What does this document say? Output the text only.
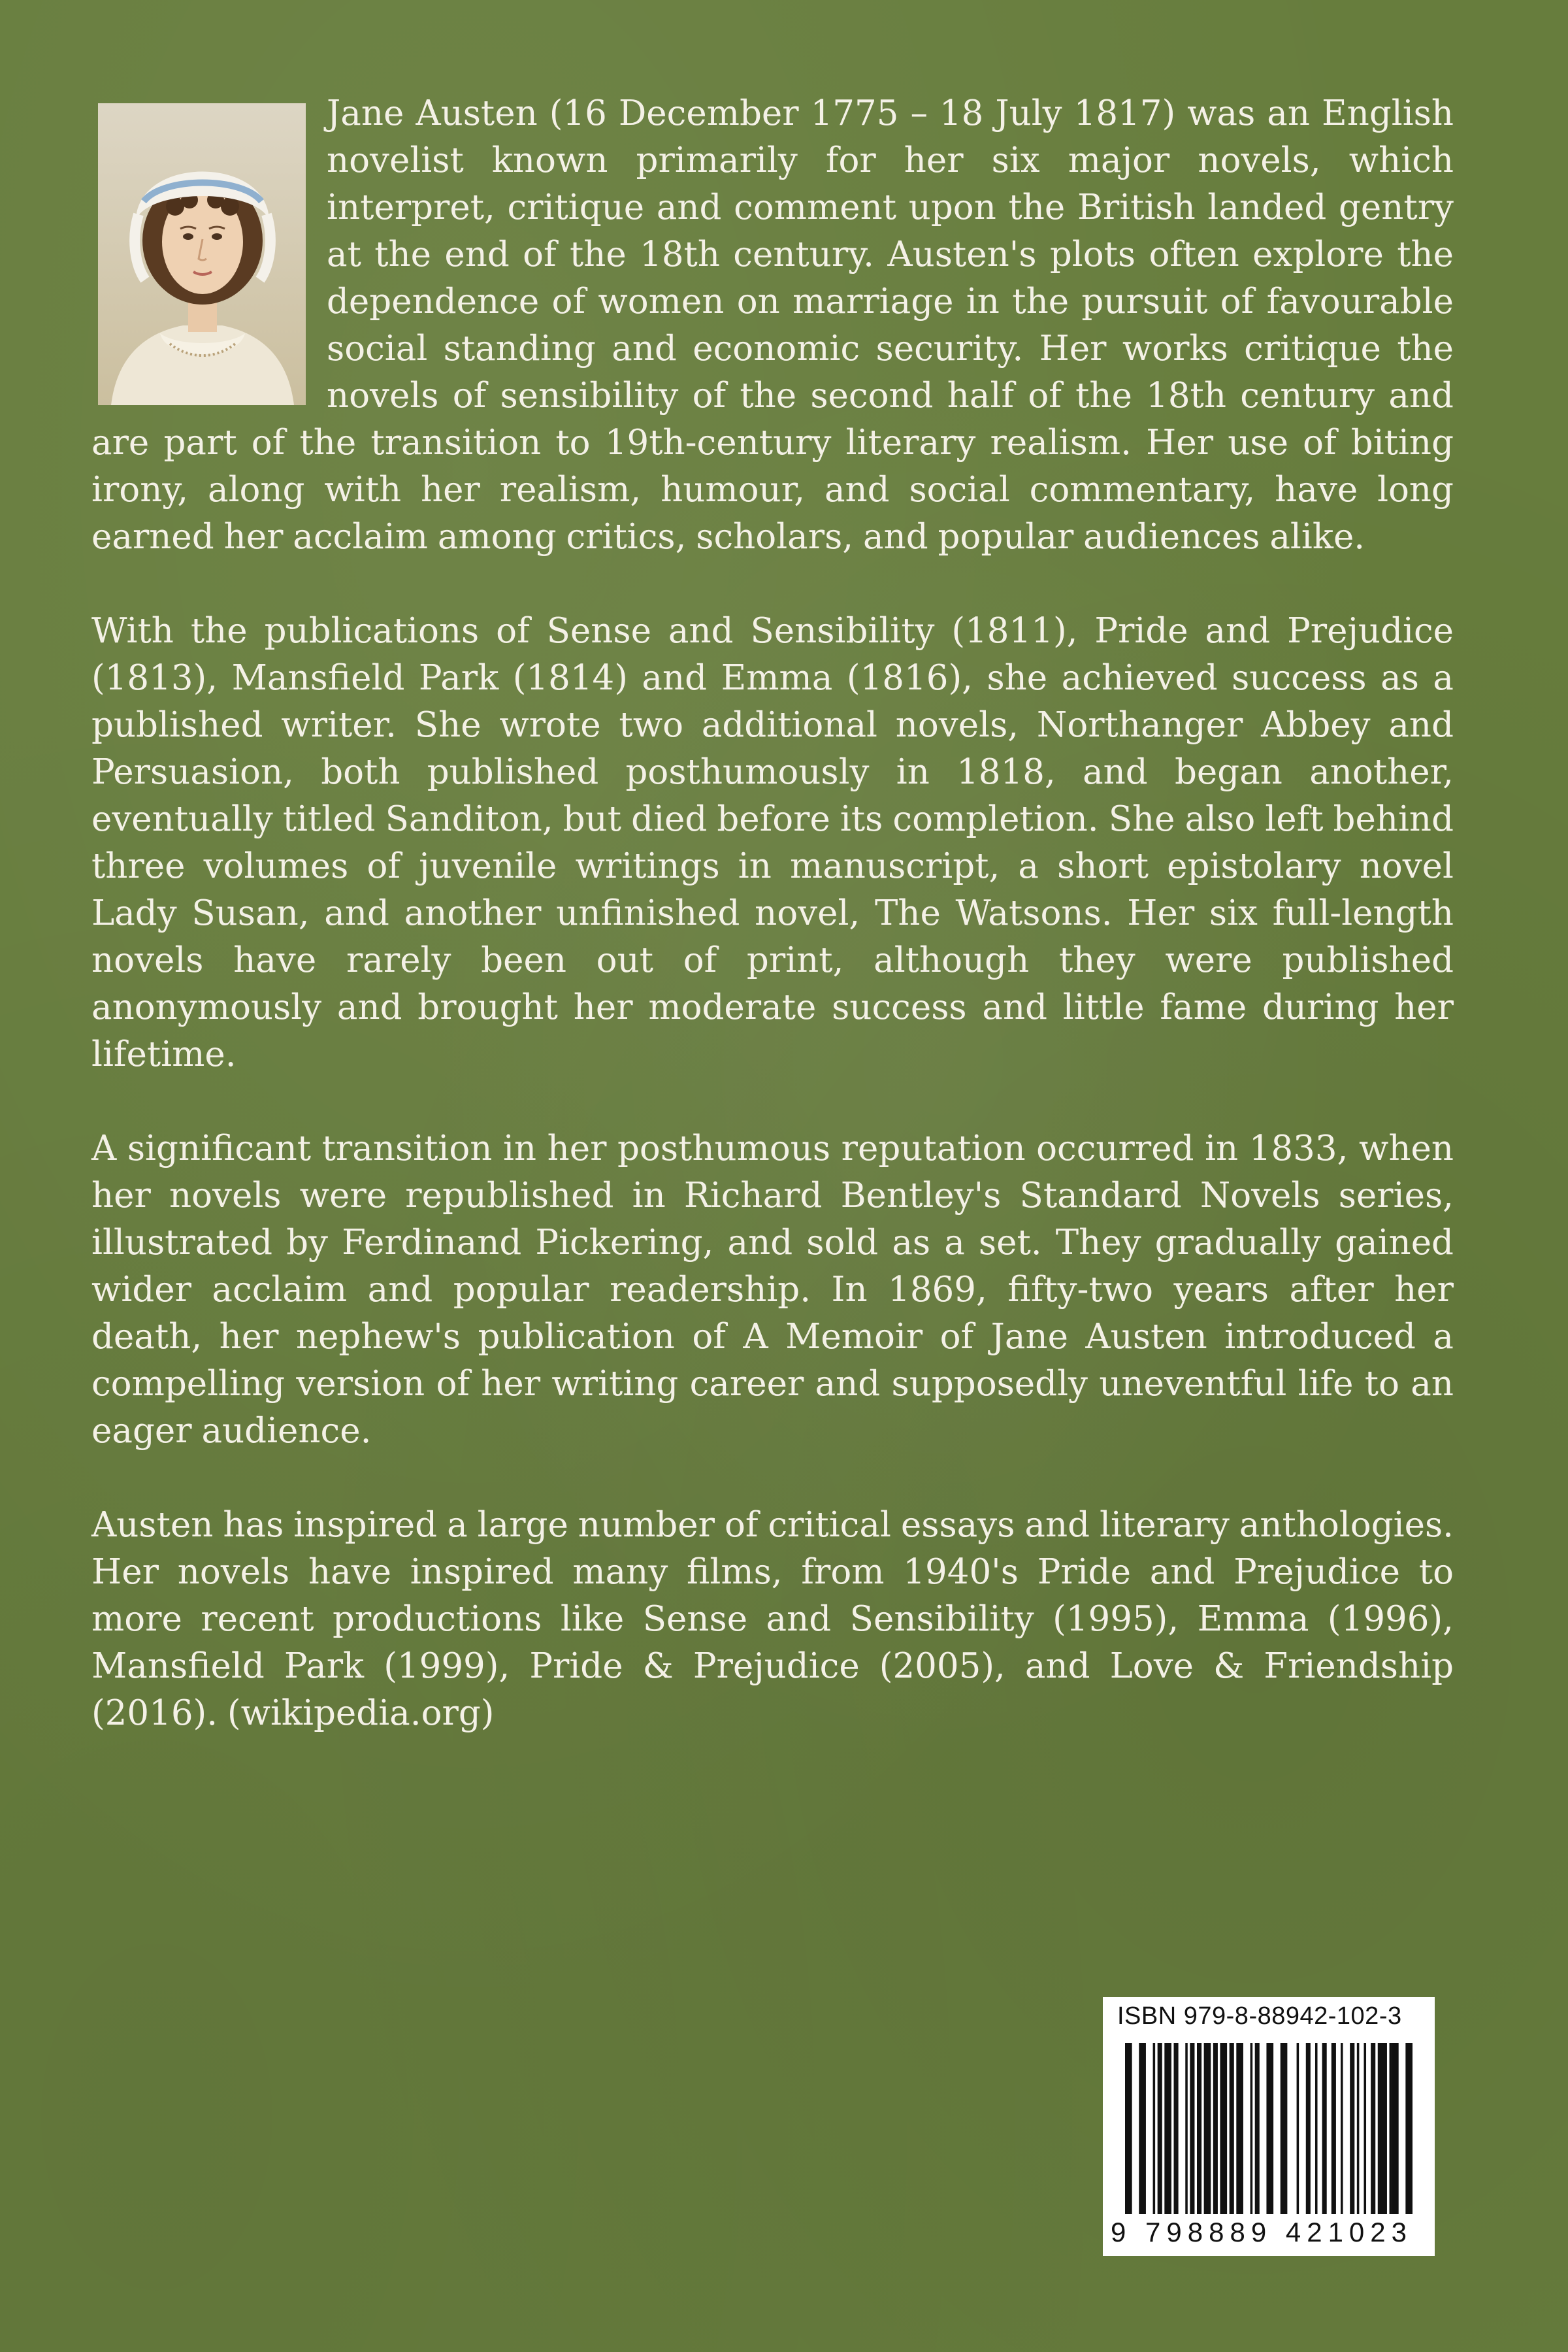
Jane Austen (16 December 1775 – 18 July 1817) was an English novelist known primarily for her six major novels, which interpret, critique and comment upon the British landed gentry at the end of the 18th century. Austen's plots often explore the dependence of women on marriage in the pursuit of favourable social standing and economic security. Her works critique the novels of sensibility of the second half of the 18th century and are part of the transition to 19th-century literary realism. Her use of biting irony, along with her realism, humour, and social commentary, have long earned her acclaim among critics, scholars, and popular audiences alike.

With the publications of Sense and Sensibility (1811), Pride and Prejudice (1813), Mansfield Park (1814) and Emma (1816), she achieved success as a published writer. She wrote two additional novels, Northanger Abbey and Persuasion, both published posthumously in 1818, and began another, eventually titled Sanditon, but died before its completion. She also left behind three volumes of juvenile writings in manuscript, a short epistolary novel Lady Susan, and another unfinished novel, The Watsons. Her six full-length novels have rarely been out of print, although they were published anonymously and brought her moderate success and little fame during her lifetime.

A significant transition in her posthumous reputation occurred in 1833, when her novels were republished in Richard Bentley's Standard Novels series, illustrated by Ferdinand Pickering, and sold as a set. They gradually gained wider acclaim and popular readership. In 1869, fifty-two years after her death, her nephew's publication of A Memoir of Jane Austen introduced a compelling version of her writing career and supposedly uneventful life to an eager audience.

Austen has inspired a large number of critical essays and literary anthologies. Her novels have inspired many films, from 1940's Pride and Prejudice to more recent productions like Sense and Sensibility (1995), Emma (1996), Mansfield Park (1999), Pride & Prejudice (2005), and Love & Friendship (2016). (wikipedia.org)

ISBN 979-8-88942-102-3
9 798889 421023
